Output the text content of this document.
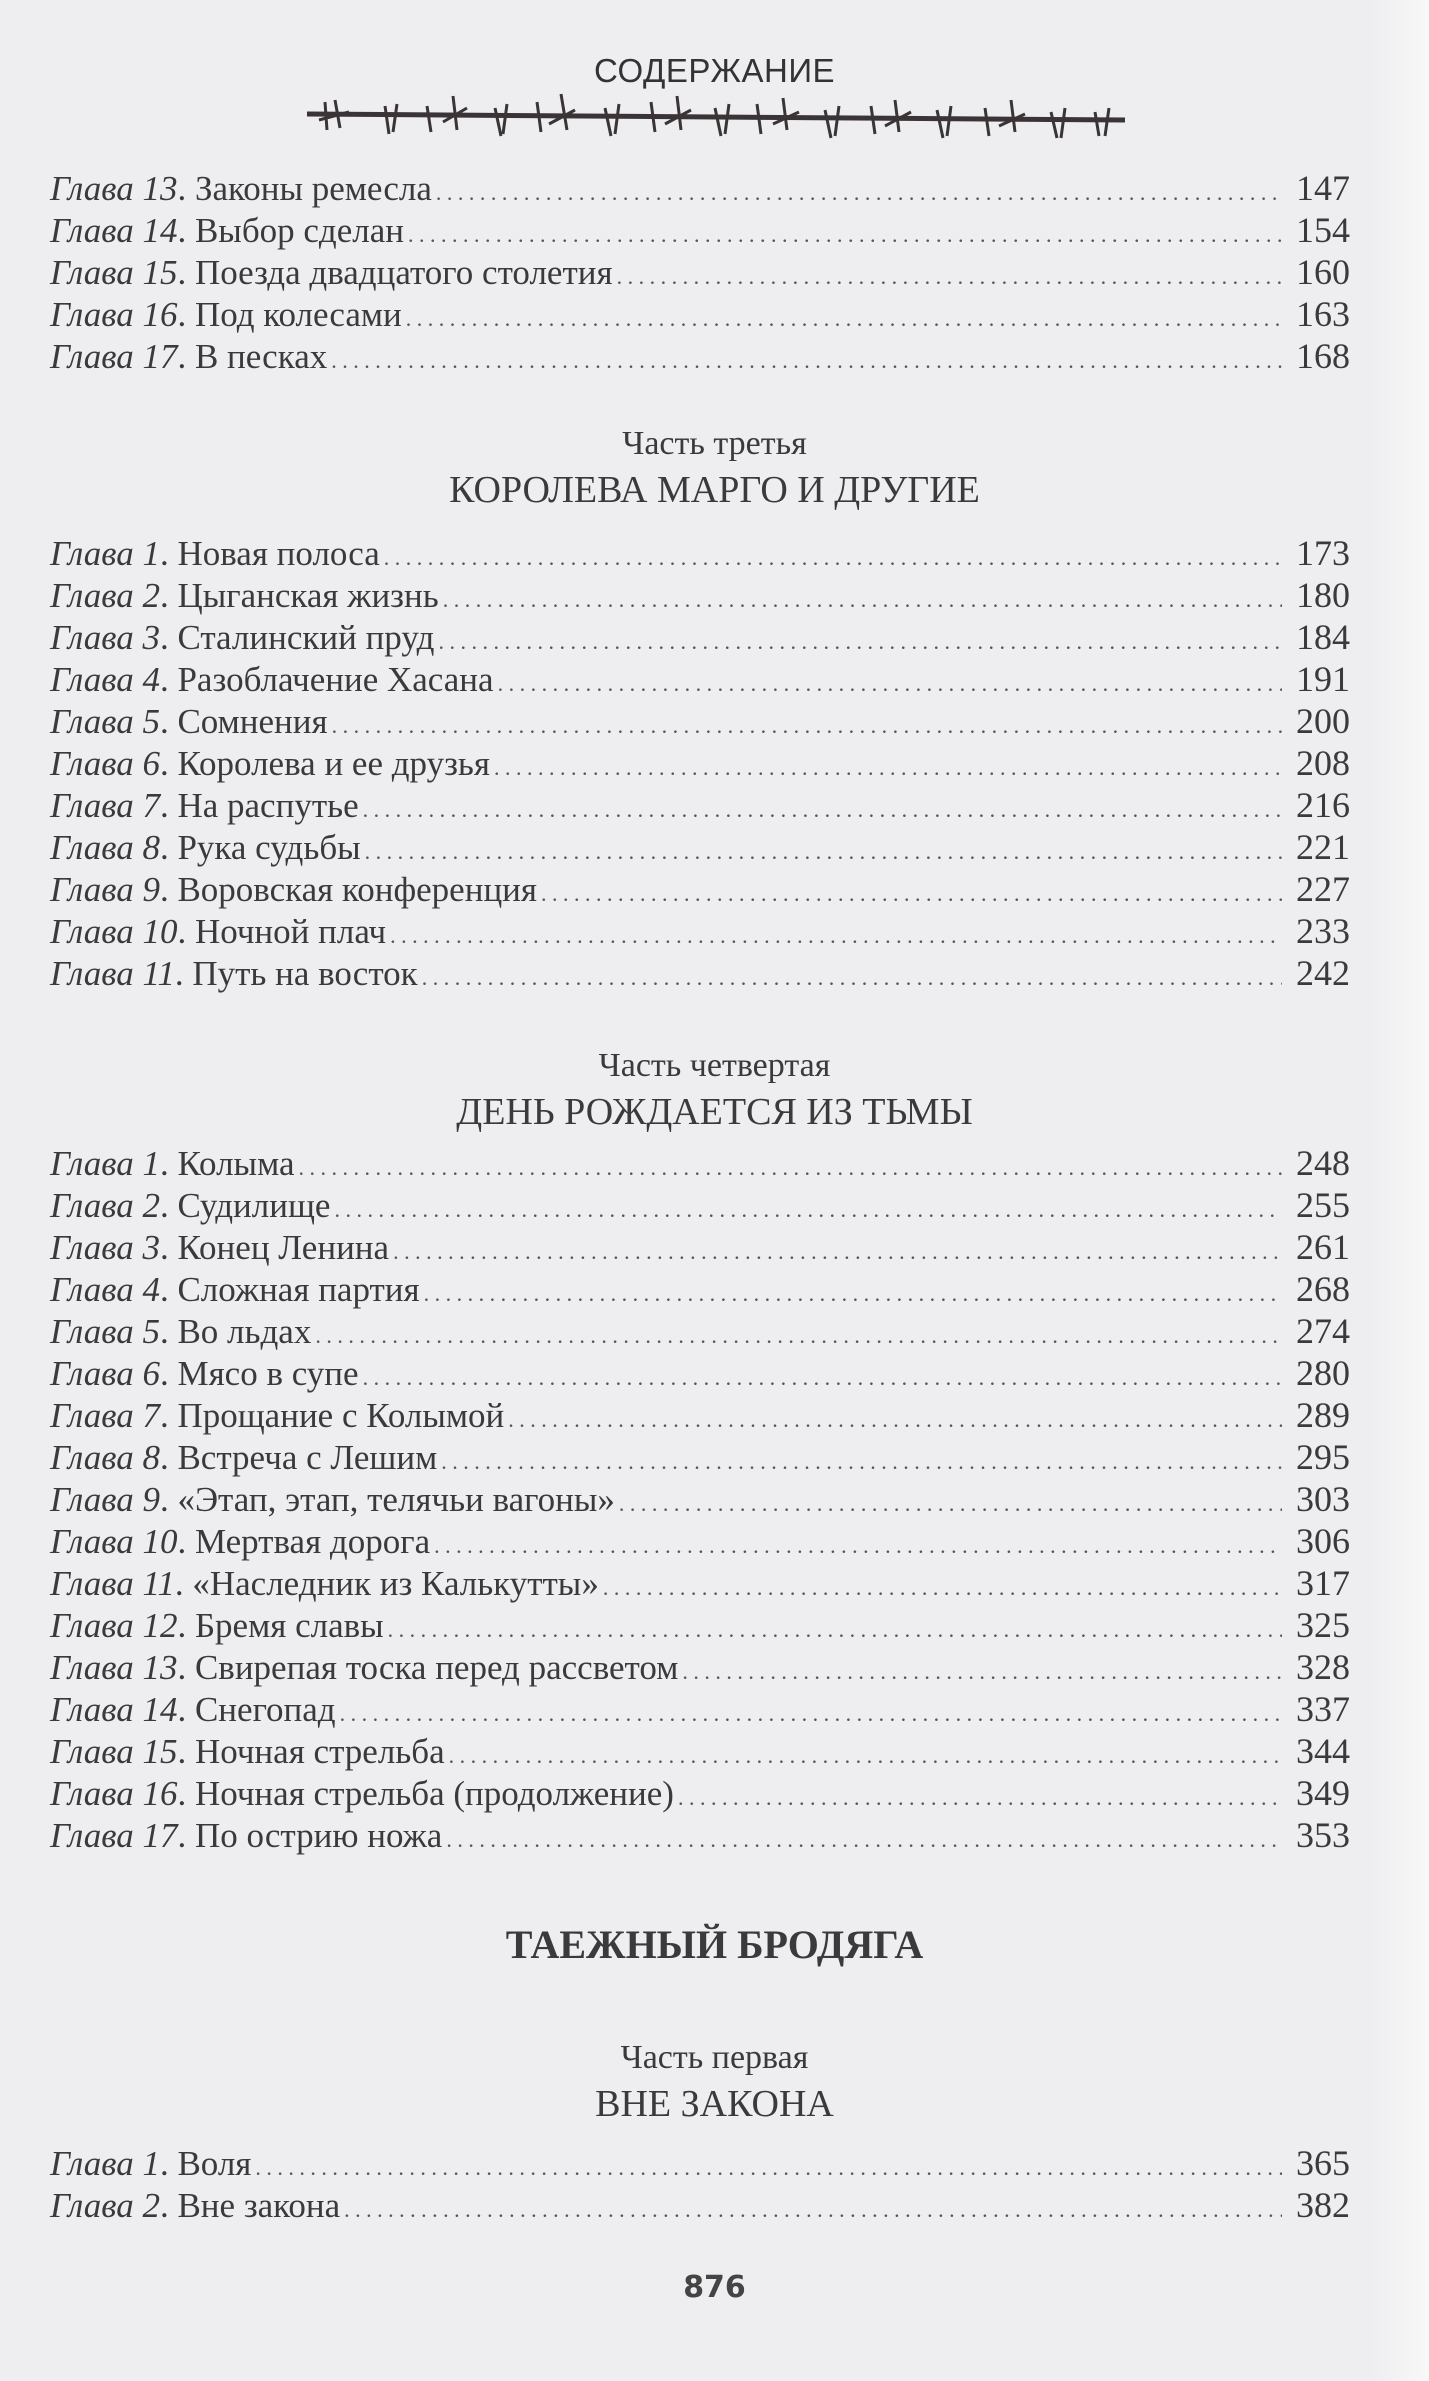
СОДЕРЖАНИЕ
Глава 13 . Законы ремесла . . .	147
Глава 14 . Выбор сделан . . .	154
Глава 15 . Поезда двадцатого столетия . . .	160
Глава 16 . Под колесами . . .	163
Глава 17 . В песках . . .	168
Часть третья
КОРОЛЕВА МАРГО И ДРУГИЕ
Глава 1 . Новая полоса . . .	173
Глава 2 . Цыганская жизнь . . .	180
Глава 3 . Сталинский пруд . . .	184
Глава 4 . Разоблачение Хасана . . .	191
Глава 5 . Сомнения . . .	200
Глава 6 . Королева и ее друзья . . .	208
Глава 7 . На распутье . . .	216
Глава 8 . Рука судьбы . . .	221
Глава 9 . Воровская конференция . . .	227
Глава 10 . Ночной плач . . .	233
Глава 11 . Путь на восток . . .	242
Часть четвертая
ДЕНЬ РОЖДАЕТСЯ ИЗ ТЬМЫ
Глава 1 . Колыма . . .	248
Глава 2 . Судилище . . .	255
Глава 3 . Конец Ленина . . .	261
Глава 4 . Сложная партия . . .	268
Глава 5 . Во льдах . . .	274
Глава 6 . Мясо в супе . . .	280
Глава 7 . Прощание с Колымой . . .	289
Глава 8 . Встреча с Лешим . . .	295
Глава 9 . «Этап, этап, телячьи вагоны» . . .	303
Глава 10 . Мертвая дорога . . .	306
Глава 11 . «Наследник из Калькутты» . . .	317
Глава 12 . Бремя славы . . .	325
Глава 13 . Свирепая тоска перед рассветом . . .	328
Глава 14 . Снегопад . . .	337
Глава 15 . Ночная стрельба . . .	344
Глава 16 . Ночная стрельба (продолжение) . . .	349
Глава 17 . По острию ножа . . .	353
ТАЕЖНЫЙ БРОДЯГА
Часть первая
ВНЕ ЗАКОНА
Глава 1 . Воля . . .	365
Глава 2 . Вне закона . . .	382
876
